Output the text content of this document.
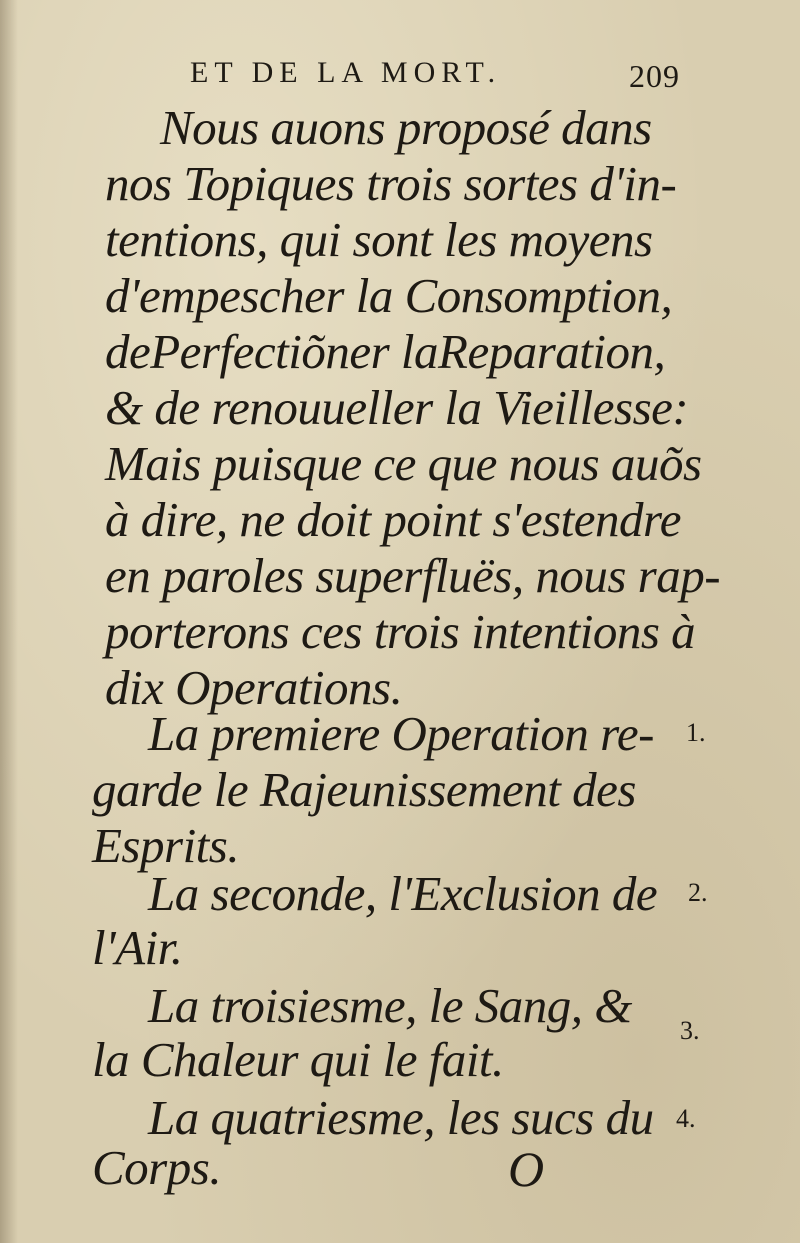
ET DE LA MORT.	209
Nous auons proposé dans
nos Topiques trois sortes d'in-
tentions, qui sont les moyens
d'empescher la Consomption,
dePerfectiõner laReparation,
& de renouueller la Vieillesse:
Mais puisque ce que nous auõs
à dire, ne doit point s'estendre
en paroles superfluës, nous rap-
porterons ces trois intentions à
dix Operations.
La premiere Operation re-
garde le Rajeunissement des
Esprits.
La seconde, l'Exclusion de
l'Air.
La troisiesme, le Sang, &
la Chaleur qui le fait.
La quatriesme, les sucs du
Corps.
1.
2.
3.
4.
O
